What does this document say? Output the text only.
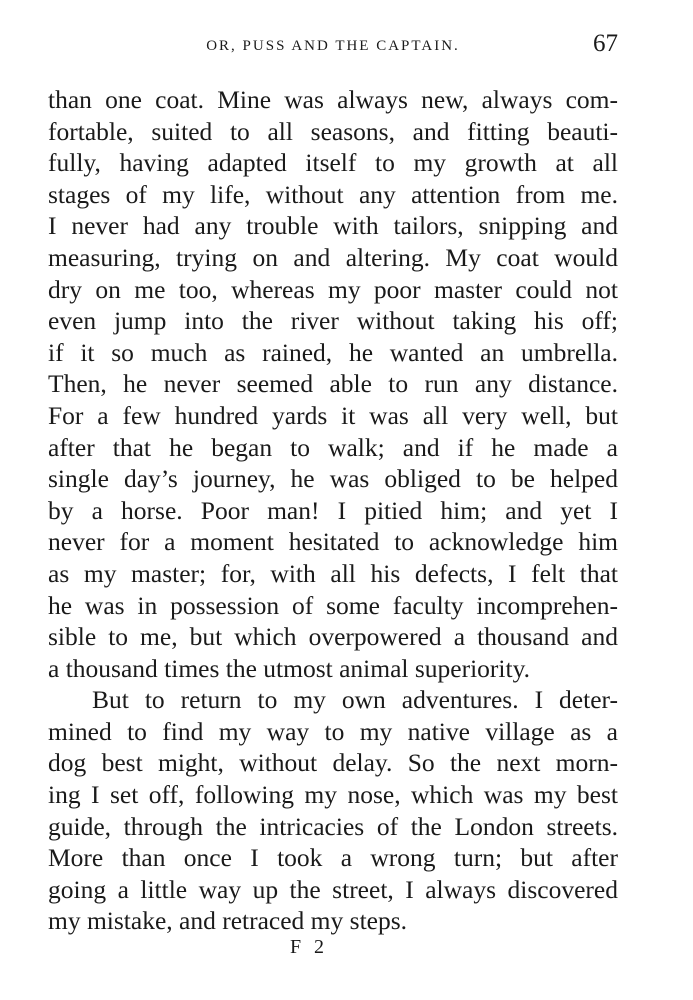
OR, PUSS AND THE CAPTAIN.	67
than one coat. Mine was always new, always com-
fortable, suited to all seasons, and fitting beauti-
fully, having adapted itself to my growth at all
stages of my life, without any attention from me.
I never had any trouble with tailors, snipping and
measuring, trying on and altering. My coat would
dry on me too, whereas my poor master could not
even jump into the river without taking his off;
if it so much as rained, he wanted an umbrella.
Then, he never seemed able to run any distance.
For a few hundred yards it was all very well, but
after that he began to walk; and if he made a
single day’s journey, he was obliged to be helped
by a horse. Poor man! I pitied him; and yet I
never for a moment hesitated to acknowledge him
as my master; for, with all his defects, I felt that
he was in possession of some faculty incomprehen-
sible to me, but which overpowered a thousand and
a thousand times the utmost animal superiority.
But to return to my own adventures. I deter-
mined to find my way to my native village as a
dog best might, without delay. So the next morn-
ing I set off, following my nose, which was my best
guide, through the intricacies of the London streets.
More than once I took a wrong turn; but after
going a little way up the street, I always discovered
my mistake, and retraced my steps.
F 2
